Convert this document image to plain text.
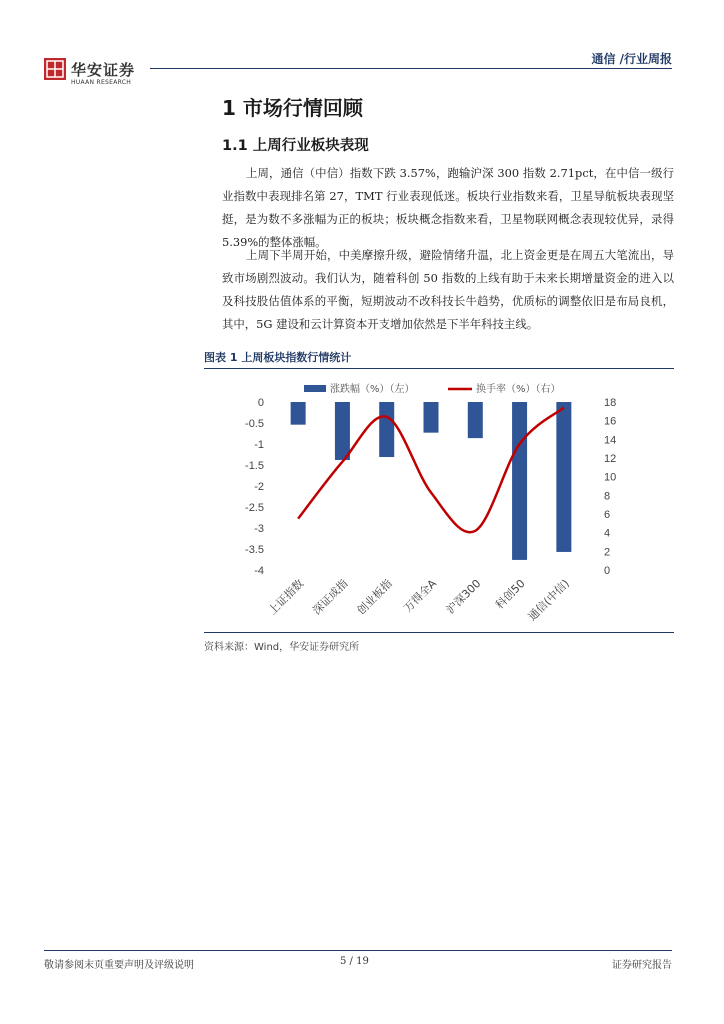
华安证券
HUAAN RESEARCH
通信 /行业周报
1 市场行情回顾
1.1 上周行业板块表现
上周，通信（中信）指数下跌 3.57%，跑输沪深 300 指数 2.71pct，在中信一级行业指数中表现排名第 27，TMT 行业表现低迷。板块行业指数来看，卫星导航板块表现坚挺，是为数不多涨幅为正的板块；板块概念指数来看，卫星物联网概念表现较优异，录得 5.39%的整体涨幅。
上周下半周开始，中美摩擦升级，避险情绪升温，北上资金更是在周五大笔流出，导致市场剧烈波动。我们认为，随着科创 50 指数的上线有助于未来长期增量资金的进入以及科技股估值体系的平衡，短期波动不改科技长牛趋势，优质标的调整依旧是布局良机，其中，5G 建设和云计算资本开支增加依然是下半年科技主线。
图表 1 上周板块指数行情统计
0
-0.5
-1
-1.5
-2
-2.5
-3
-3.5
-4
18
16
14
12
10
8
6
4
2
0
上证指数 深证成指 创业板指 万得全A 沪深300 科创50
通信(中信)
涨跌幅（%）（左）	换手率（%）（右）
资料来源：Wind，华安证券研究所
敬请参阅末页重要声明及评级说明	5 / 19	证券研究报告
